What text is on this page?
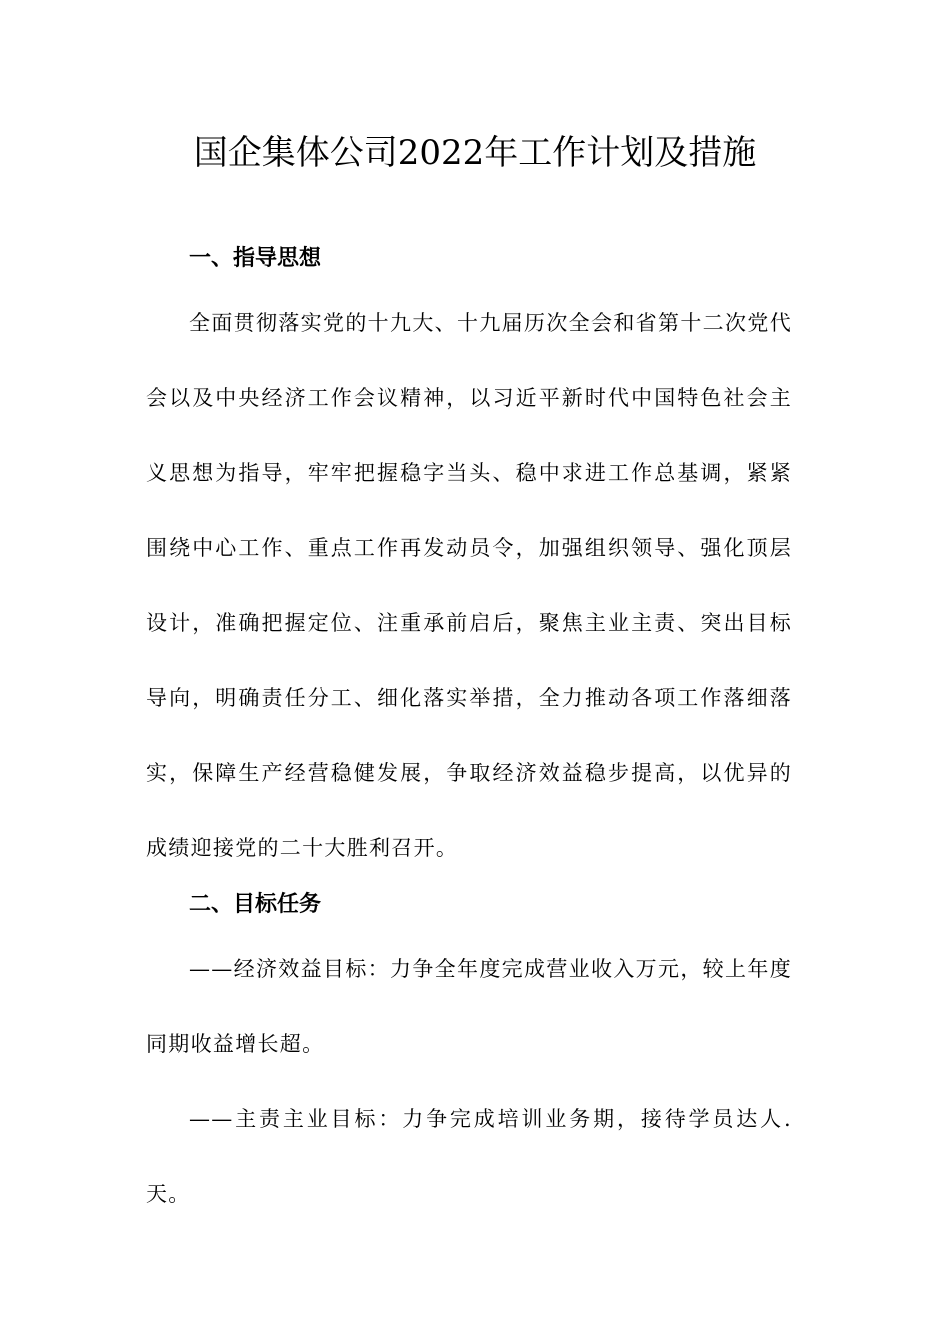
国企集体公司2022年工作计划及措施
一、指导思想

全面贯彻落实党的十九大、十九届历次全会和省第十二次党代会以及中央经济工作会议精神，以习近平新时代中国特色社会主义思想为指导，牢牢把握稳字当头、稳中求进工作总基调，紧紧围绕中心工作、重点工作再发动员令，加强组织领导、强化顶层设计，准确把握定位、注重承前启后，聚焦主业主责、突出目标导向，明确责任分工、细化落实举措，全力推动各项工作落细落实，保障生产经营稳健发展，争取经济效益稳步提高，以优异的成绩迎接党的二十大胜利召开。

二、目标任务

——经济效益目标：力争全年度完成营业收入万元，较上年度同期收益增长超。

——主责主业目标：力争完成培训业务期，接待学员达人.天。
